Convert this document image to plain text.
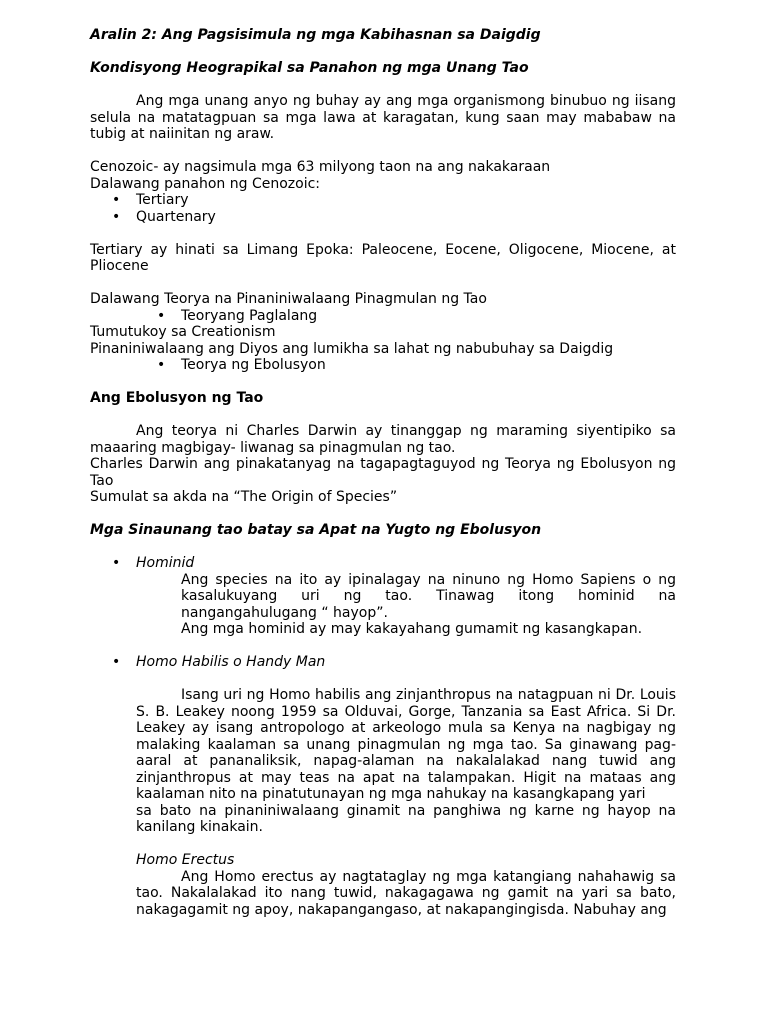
Aralin 2: Ang Pagsisimula ng mga Kabihasnan sa Daigdig

Kondisyong Heograpikal sa Panahon ng mga Unang Tao

Ang mga unang anyo ng buhay ay ang mga organismong binubuo ng iisang selula na matatagpuan sa mga lawa at karagatan, kung saan may mababaw na tubig at naiinitan ng araw.

Cenozoic- ay nagsimula mga 63 milyong taon na ang nakakaraan

Dalawang panahon ng Cenozoic:

• Tertiary
• Quartenary

Tertiary ay hinati sa Limang Epoka: Paleocene, Eocene, Oligocene, Miocene, at Pliocene

Dalawang Teorya na Pinaniniwalaang Pinagmulan ng Tao

• Teoryang Paglalang

Tumutukoy sa Creationism

Pinaniniwalaang ang Diyos ang lumikha sa lahat ng nabubuhay sa Daigdig

• Teorya ng Ebolusyon

Ang Ebolusyon ng Tao

Ang teorya ni Charles Darwin ay tinanggap ng maraming siyentipiko sa maaaring magbigay- liwanag sa pinagmulan ng tao.

Charles Darwin ang pinakatanyag na tagapagtaguyod ng Teorya ng Ebolusyon ng Tao

Sumulat sa akda na “The Origin of Species”

Mga Sinaunang tao batay sa Apat na Yugto ng Ebolusyon

• Hominid

Ang species na ito ay ipinalagay na ninuno ng Homo Sapiens o ng kasalukuyang uri ng tao. Tinawag itong hominid na nangangahulugang “ hayop”.

Ang mga hominid ay may kakayahang gumamit ng kasangkapan.

• Homo Habilis o Handy Man

Isang uri ng Homo habilis ang zinjanthropus na natagpuan ni Dr. Louis S. B. Leakey noong 1959 sa Olduvai, Gorge, Tanzania sa East Africa. Si Dr. Leakey ay isang antropologo at arkeologo mula sa Kenya na nagbigay ng malaking kaalaman sa unang pinagmulan ng mga tao. Sa ginawang pag-aaral at pananaliksik, napag-alaman na nakalalakad nang tuwid ang zinjanthropus at may teas na apat na talampakan. Higit na mataas ang kaalaman nito na pinatutunayan ng mga nahukay na kasangkapang yari

sa bato na pinaniniwalaang ginamit na panghiwa ng karne ng hayop na kanilang kinakain.

Homo Erectus

Ang Homo erectus ay nagtataglay ng mga katangiang nahahawig sa tao. Nakalalakad ito nang tuwid, nakagagawa ng gamit na yari sa bato, nakagagamit ng apoy, nakapangangaso, at nakapangingisda. Nabuhay ang
